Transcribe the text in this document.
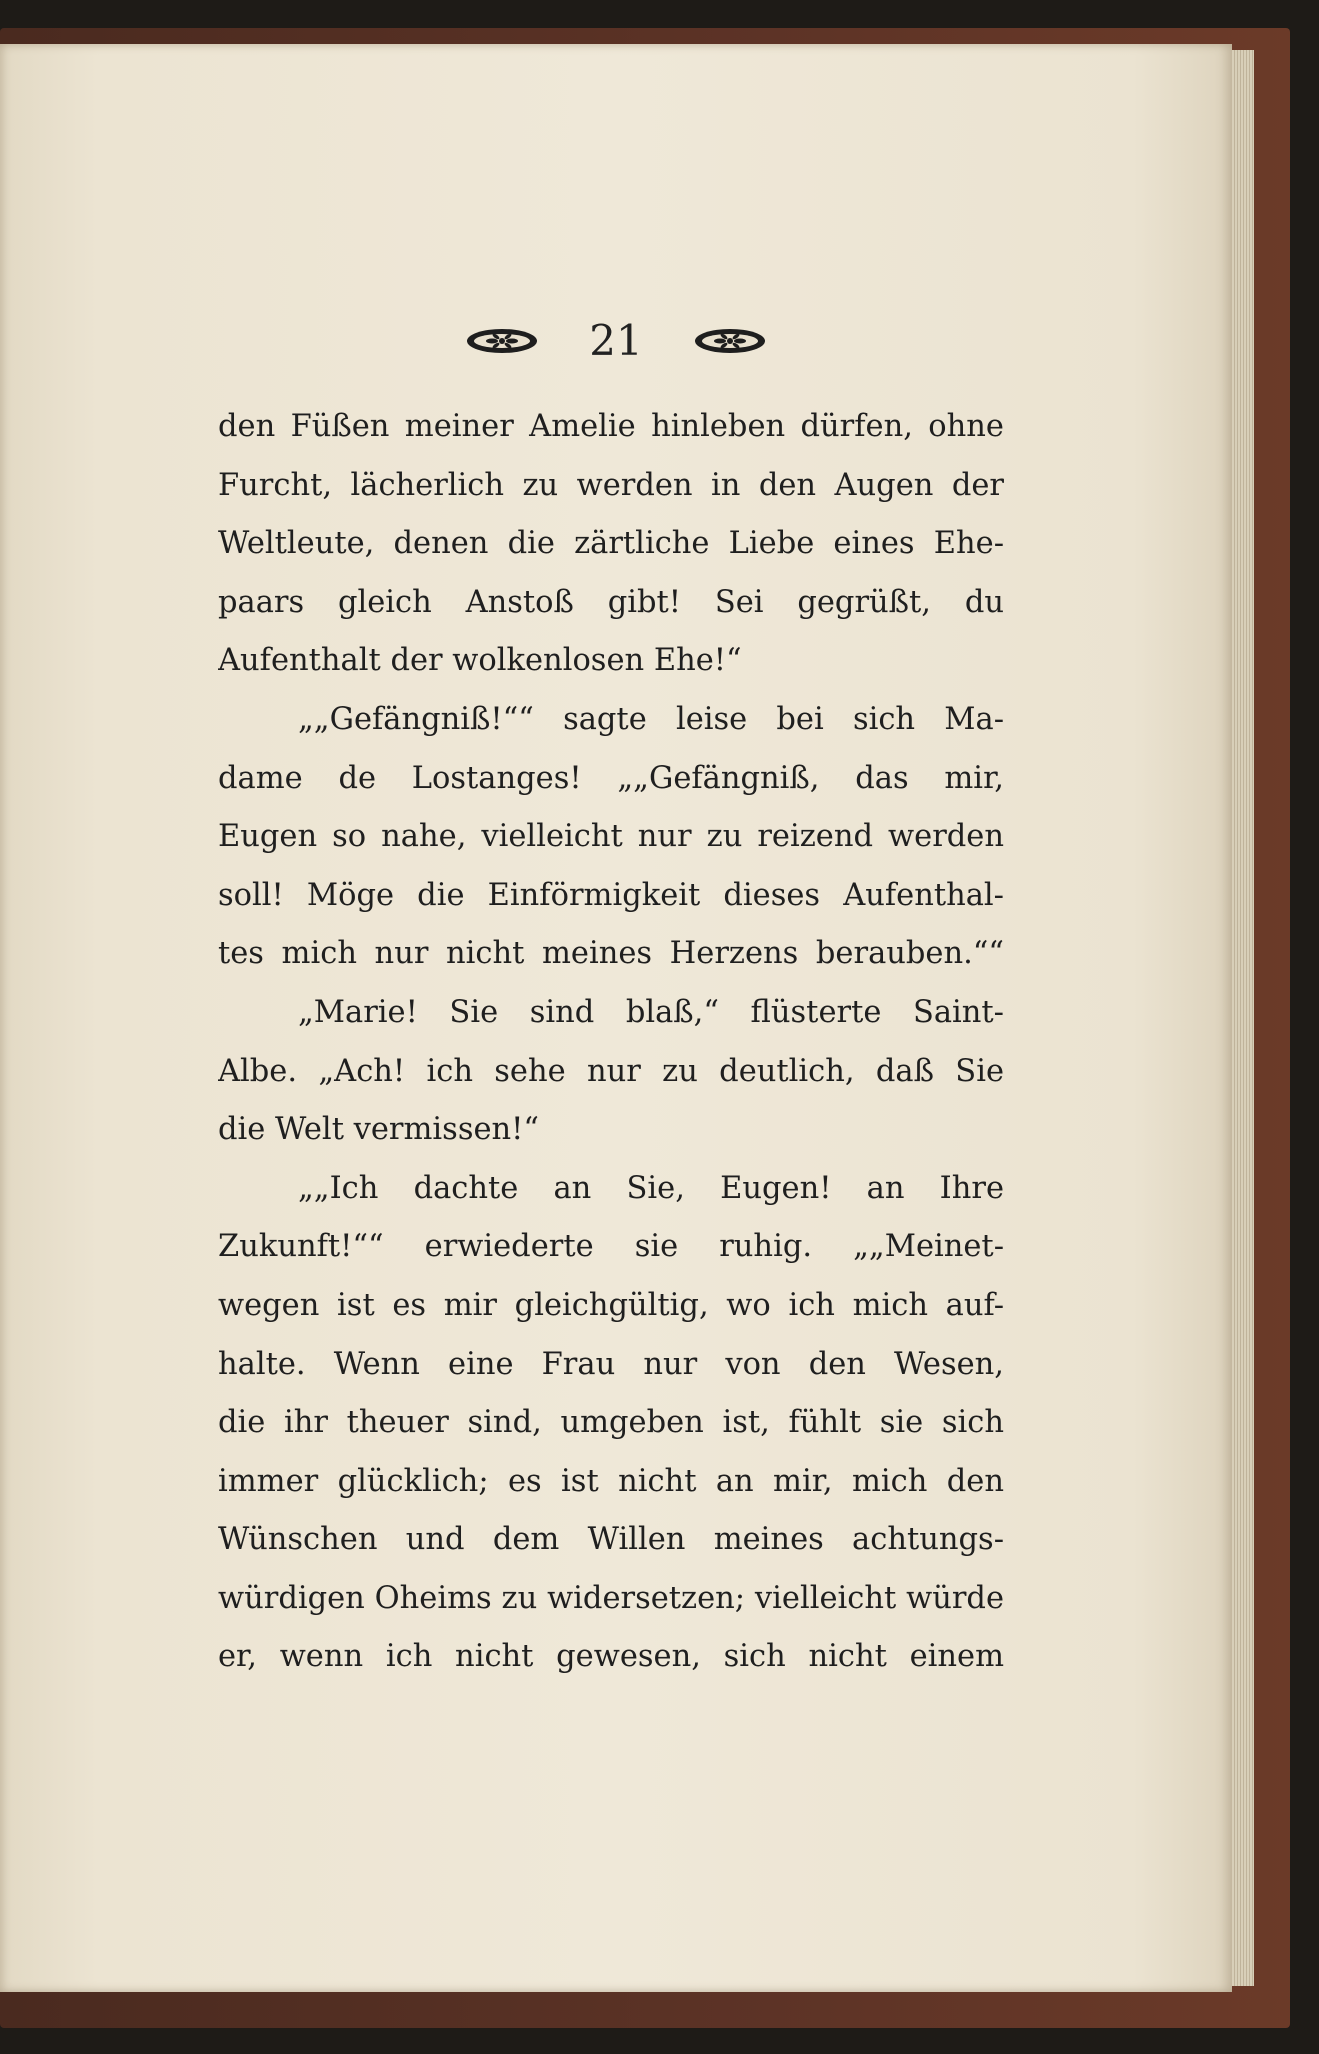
21
den Füßen meiner Amelie hinleben dürfen, ohne
Furcht, lächerlich zu werden in den Augen der
Weltleute, denen die zärtliche Liebe eines Ehe-
paars gleich Anstoß gibt! Sei gegrüßt, du
Aufenthalt der wolkenlosen Ehe!“
„„Gefängniß!““ sagte leise bei sich Ma-
dame de Lostanges! „„Gefängniß, das mir,
Eugen so nahe, vielleicht nur zu reizend werden
soll! Möge die Einförmigkeit dieses Aufenthal-
tes mich nur nicht meines Herzens berauben.““
„Marie! Sie sind blaß,“ flüsterte Saint-
Albe. „Ach! ich sehe nur zu deutlich, daß Sie
die Welt vermissen!“
„„Ich dachte an Sie, Eugen! an Ihre
Zukunft!““ erwiederte sie ruhig. „„Meinet-
wegen ist es mir gleichgültig, wo ich mich auf-
halte. Wenn eine Frau nur von den Wesen,
die ihr theuer sind, umgeben ist, fühlt sie sich
immer glücklich; es ist nicht an mir, mich den
Wünschen und dem Willen meines achtungs-
würdigen Oheims zu widersetzen; vielleicht würde
er, wenn ich nicht gewesen, sich nicht einem
